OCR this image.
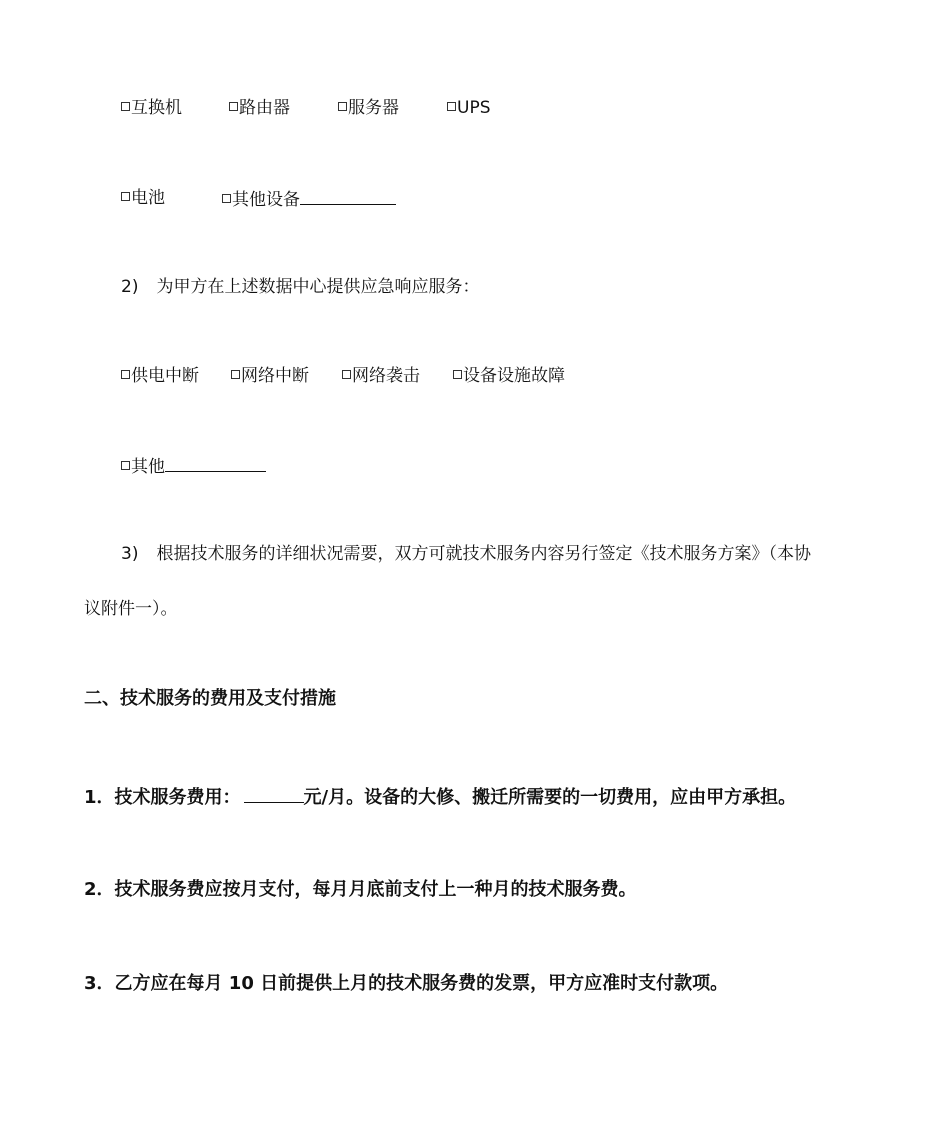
互换机	路由器	服务器	UPS
电池	其他设备
2) 为甲方在上述数据中心提供应急响应服务：
供电中断	网络中断	网络袭击	设备设施故障
其他
3) 根据技术服务的详细状况需要，双方可就技术服务内容另行签定《技术服务方案》（本协
议附件一）。
二、技术服务的费用及支付措施
1．技术服务费用：	元/月。设备的大修、搬迁所需要的一切费用，应由甲方承担。
2．技术服务费应按月支付，每月月底前支付上一种月的技术服务费。
3．乙方应在每月 10 日前提供上月的技术服务费的发票，甲方应准时支付款项。
